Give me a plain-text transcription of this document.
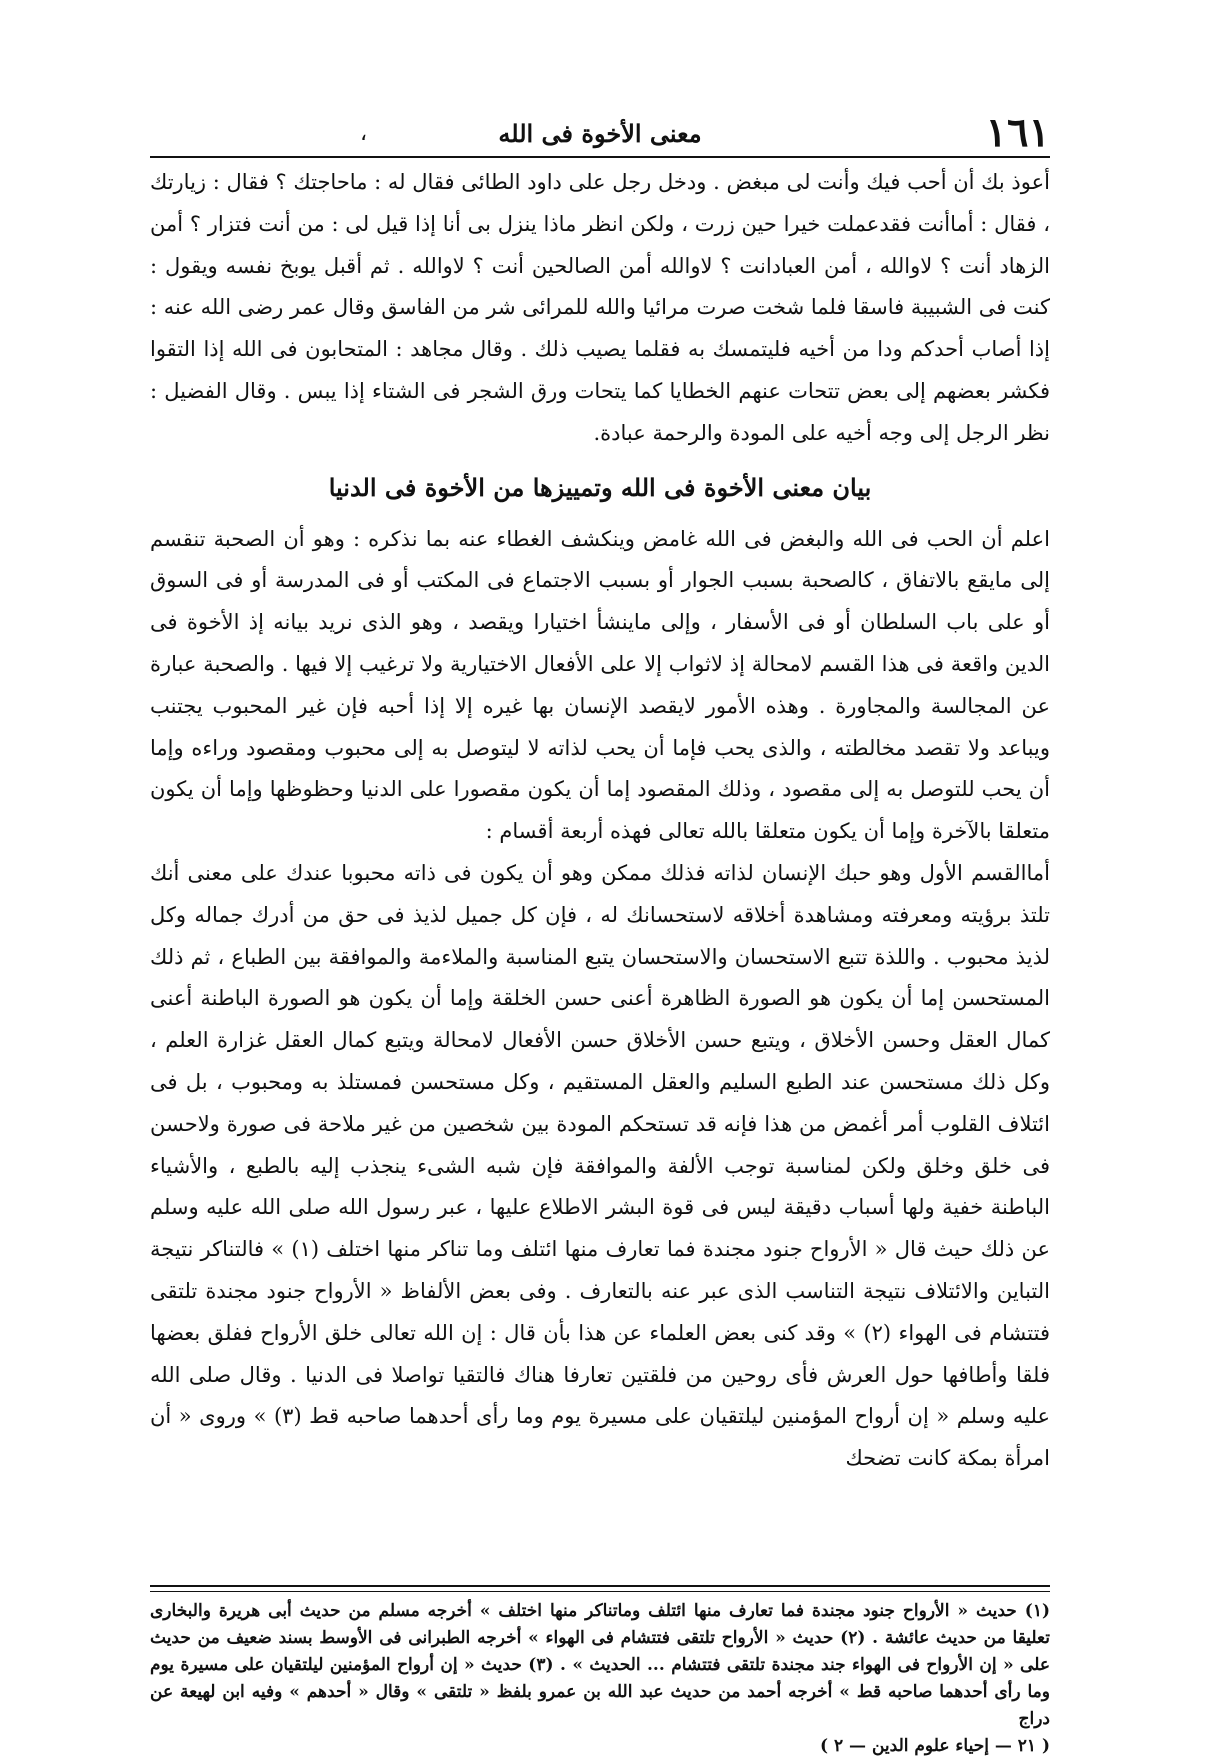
١٦١
معنى الأخوة فى الله
،

أعوذ بك أن أحب فيك وأنت لى مبغض . ودخل رجل على داود الطائى فقال له : ماحاجتك ؟ فقال : زيارتك ، فقال : أماأنت فقدعملت خيرا حين زرت ، ولكن انظر ماذا ينزل بى أنا إذا قيل لى : من أنت فتزار ؟ أمن الزهاد أنت ؟ لاوالله ، أمن العبادانت ؟ لاوالله أمن الصالحين أنت ؟ لاوالله . ثم أقبل يوبخ نفسه ويقول : كنت فى الشبيبة فاسقا فلما شخت صرت مرائيا والله للمرائى شر من الفاسق وقال عمر رضى الله عنه : إذا أصاب أحدكم ودا من أخيه فليتمسك به فقلما يصيب ذلك . وقال مجاهد : المتحابون فى الله إذا التقوا فكشر بعضهم إلى بعض تتحات عنهم الخطايا كما يتحات ورق الشجر فى الشتاء إذا يبس . وقال الفضيل : نظر الرجل إلى وجه أخيه على المودة والرحمة عبادة.

بيان معنى الأخوة فى الله وتمييزها من الأخوة فى الدنيا

اعلم أن الحب فى الله والبغض فى الله غامض وينكشف الغطاء عنه بما نذكره : وهو أن الصحبة تنقسم إلى مايقع بالاتفاق ، كالصحبة بسبب الجوار أو بسبب الاجتماع فى المكتب أو فى المدرسة أو فى السوق أو على باب السلطان أو فى الأسفار ، وإلى ماينشأ اختيارا ويقصد ، وهو الذى نريد بيانه إذ الأخوة فى الدين واقعة فى هذا القسم لامحالة إذ لاثواب إلا على الأفعال الاختيارية ولا ترغيب إلا فيها . والصحبة عبارة عن المجالسة والمجاورة . وهذه الأمور لايقصد الإنسان بها غيره إلا إذا أحبه فإن غير المحبوب يجتنب ويباعد ولا تقصد مخالطته ، والذى يحب فإما أن يحب لذاته لا ليتوصل به إلى محبوب ومقصود وراءه وإما أن يحب للتوصل به إلى مقصود ، وذلك المقصود إما أن يكون مقصورا على الدنيا وحظوظها وإما أن يكون متعلقا بالآخرة وإما أن يكون متعلقا بالله تعالى فهذه أربعة أقسام :

أماالقسم الأول وهو حبك الإنسان لذاته فذلك ممكن وهو أن يكون فى ذاته محبوبا عندك على معنى أنك تلتذ برؤيته ومعرفته ومشاهدة أخلاقه لاستحسانك له ، فإن كل جميل لذيذ فى حق من أدرك جماله وكل لذيذ محبوب . واللذة تتبع الاستحسان والاستحسان يتبع المناسبة والملاءمة والموافقة بين الطباع ، ثم ذلك المستحسن إما أن يكون هو الصورة الظاهرة أعنى حسن الخلقة وإما أن يكون هو الصورة الباطنة أعنى كمال العقل وحسن الأخلاق ، ويتبع حسن الأخلاق حسن الأفعال لامحالة ويتبع كمال العقل غزارة العلم ، وكل ذلك مستحسن عند الطبع السليم والعقل المستقيم ، وكل مستحسن فمستلذ به ومحبوب ، بل فى ائتلاف القلوب أمر أغمض من هذا فإنه قد تستحكم المودة بين شخصين من غير ملاحة فى صورة ولاحسن فى خلق وخلق ولكن لمناسبة توجب الألفة والموافقة فإن شبه الشىء ينجذب إليه بالطبع ، والأشياء الباطنة خفية ولها أسباب دقيقة ليس فى قوة البشر الاطلاع عليها ، عبر رسول الله صلى الله عليه وسلم عن ذلك حيث قال « الأرواح جنود مجندة فما تعارف منها ائتلف وما تناكر منها اختلف (١) » فالتناكر نتيجة التباين والائتلاف نتيجة التناسب الذى عبر عنه بالتعارف . وفى بعض الألفاظ « الأرواح جنود مجندة تلتقى فتتشام فى الهواء (٢) » وقد كنى بعض العلماء عن هذا بأن قال : إن الله تعالى خلق الأرواح ففلق بعضها فلقا وأطافها حول العرش فأى روحين من فلقتين تعارفا هناك فالتقيا تواصلا فى الدنيا . وقال صلى الله عليه وسلم « إن أرواح المؤمنين ليلتقيان على مسيرة يوم وما رأى أحدهما صاحبه قط (٣) » وروى « أن امرأة بمكة كانت تضحك

(١) حديث « الأرواح جنود مجندة فما تعارف منها ائتلف وماتناكر منها اختلف » أخرجه مسلم من حديث أبى هريرة والبخارى تعليقا من حديث عائشة . (٢) حديث « الأرواح تلتقى فتتشام فى الهواء » أخرجه الطبرانى فى الأوسط بسند ضعيف من حديث على « إن الأرواح فى الهواء جند مجندة تلتقى فتتشام ... الحديث » . (٣) حديث « إن أرواح المؤمنين ليلتقيان على مسيرة يوم وما رأى أحدهما صاحبه قط » أخرجه أحمد من حديث عبد الله بن عمرو بلفظ « تلتقى » وقال « أحدهم » وفيه ابن لهيعة عن دراج

( ٢١ — إحياء علوم الدين — ٢ )
